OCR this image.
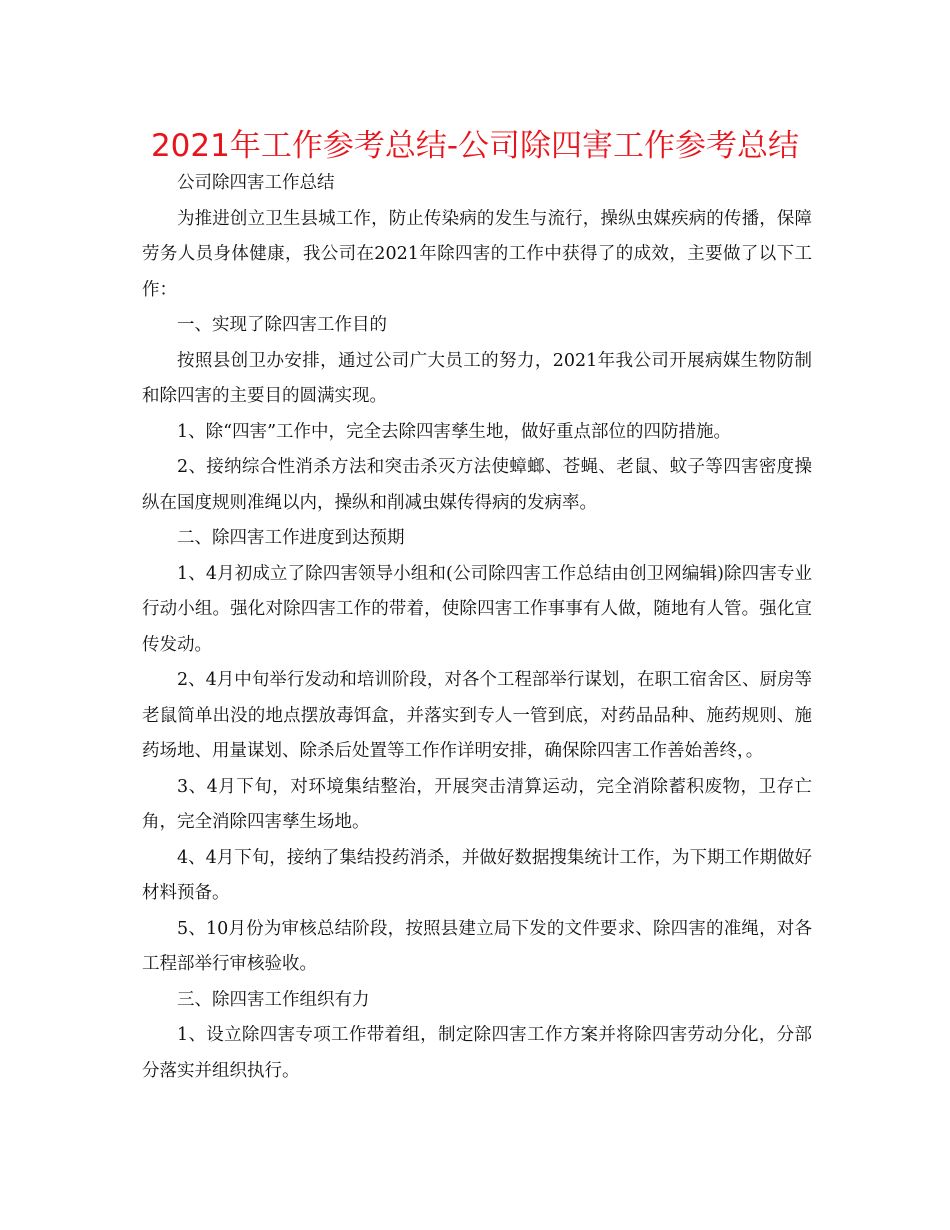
2021年工作参考总结-公司除四害工作参考总结

公司除四害工作总结

为推进创立卫生县城工作，防止传染病的发生与流行，操纵虫媒疾病的传播，保障劳务人员身体健康，我公司在2021年除四害的工作中获得了的成效，主要做了以下工作：

一、实现了除四害工作目的

按照县创卫办安排，通过公司广大员工的努力，2021年我公司开展病媒生物防制和除四害的主要目的圆满实现。

1、除“四害”工作中，完全去除四害孳生地，做好重点部位的四防措施。

2、接纳综合性消杀方法和突击杀灭方法使蟑螂、苍蝇、老鼠、蚊子等四害密度操纵在国度规则准绳以内，操纵和削减虫媒传得病的发病率。

二、除四害工作进度到达预期

1、4月初成立了除四害领导小组和(公司除四害工作总结由创卫网编辑)除四害专业行动小组。强化对除四害工作的带着，使除四害工作事事有人做，随地有人管。强化宣传发动。

2、4月中旬举行发动和培训阶段，对各个工程部举行谋划，在职工宿舍区、厨房等老鼠简单出没的地点摆放毒饵盒，并落实到专人一管到底，对药品品种、施药规则、施药场地、用量谋划、除杀后处置等工作作详明安排，确保除四害工作善始善终，。

3、4月下旬，对环境集结整治，开展突击清算运动，完全消除蓄积废物，卫存亡角，完全消除四害孳生场地。

4、4月下旬，接纳了集结投药消杀，并做好数据搜集统计工作，为下期工作期做好材料预备。

5、10月份为审核总结阶段，按照县建立局下发的文件要求、除四害的准绳，对各工程部举行审核验收。

三、除四害工作组织有力

1、设立除四害专项工作带着组，制定除四害工作方案并将除四害劳动分化，分部分落实并组织执行。
